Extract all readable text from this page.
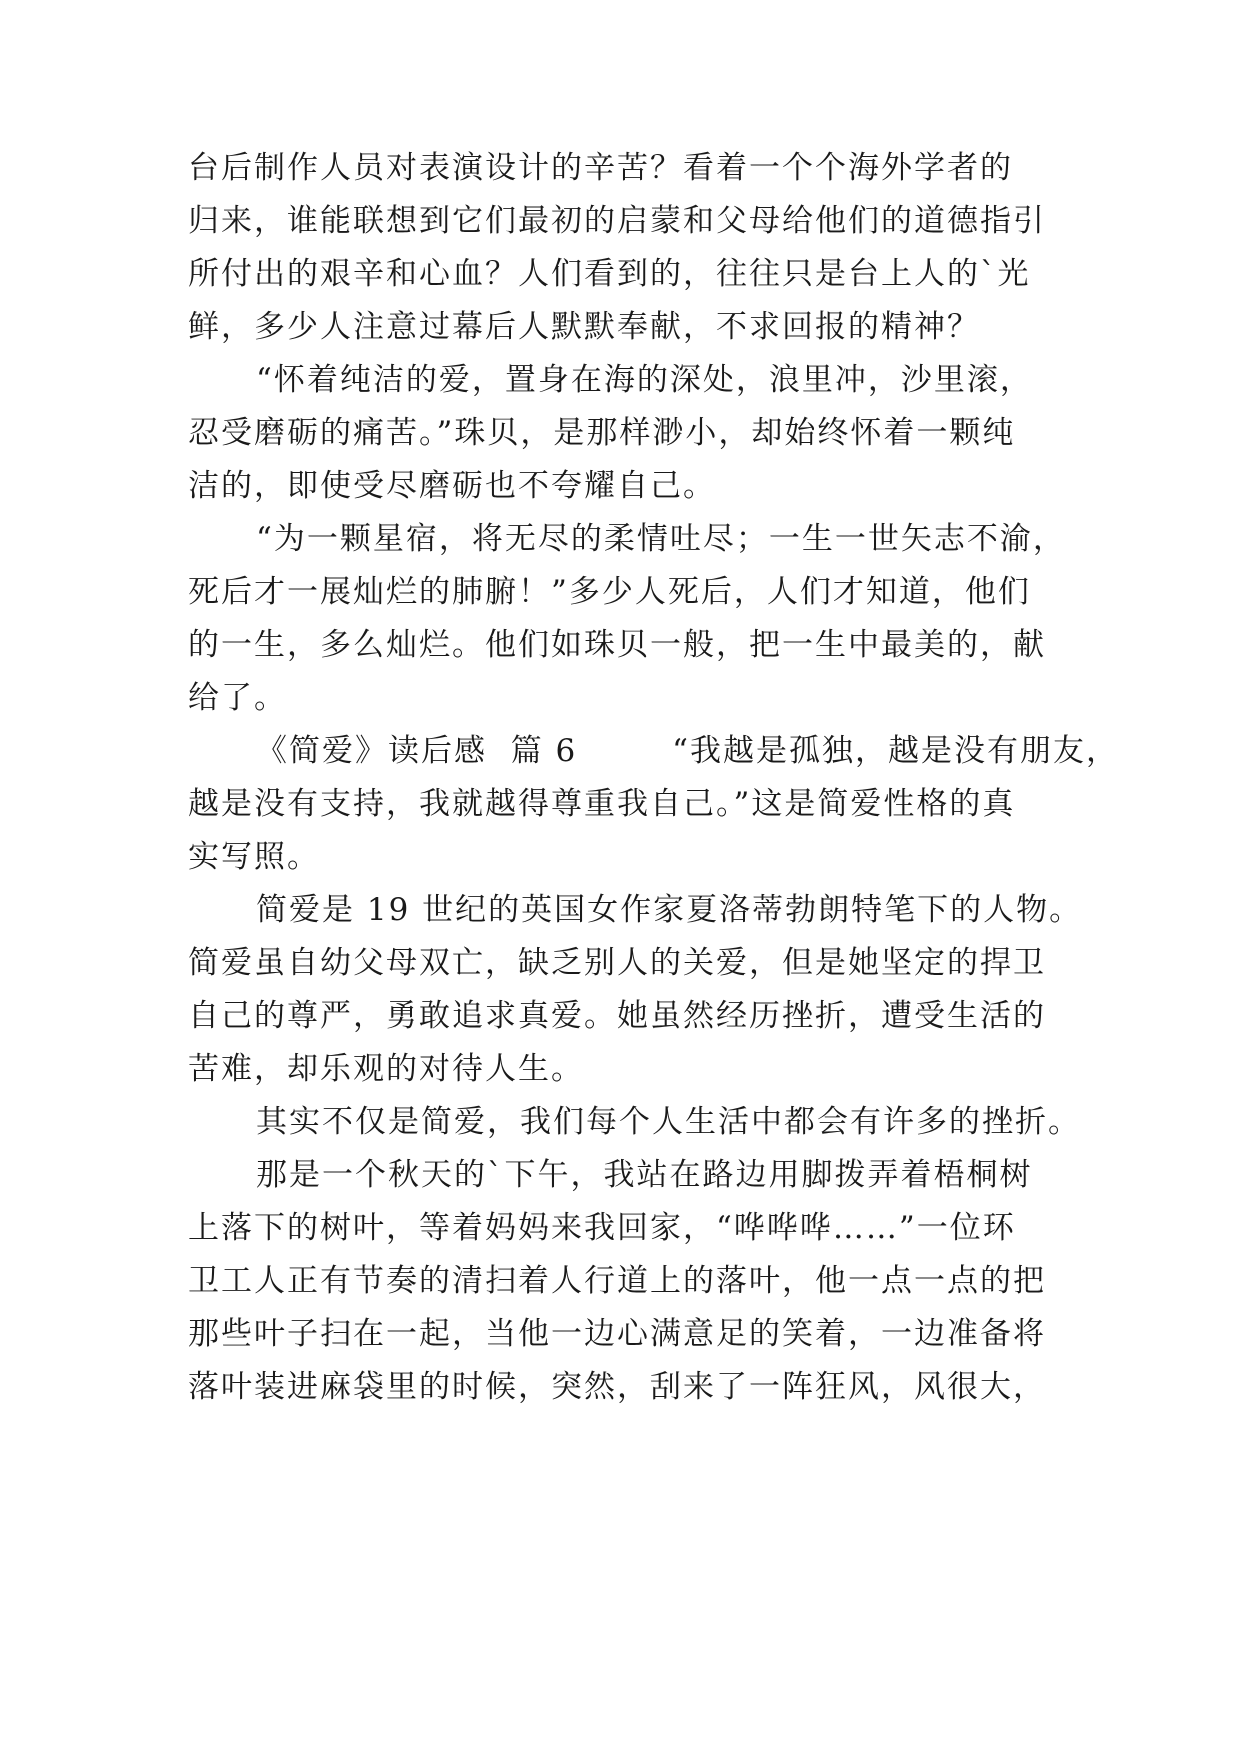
台后制作人员对表演设计的辛苦？看着一个个海外学者的
归来，谁能联想到它们最初的启蒙和父母给他们的道德指引
所付出的艰辛和心血？人们看到的，往往只是台上人的`光
鲜，多少人注意过幕后人默默奉献，不求回报的精神？
“怀着纯洁的爱，置身在海的深处，浪里冲，沙里滚，
忍受磨砺的痛苦。”珠贝，是那样渺小，却始终怀着一颗纯
洁的，即使受尽磨砺也不夸耀自己。
“为一颗星宿，将无尽的柔情吐尽；一生一世矢志不渝，
死后才一展灿烂的肺腑！”多少人死后，人们才知道，他们
的一生，多么灿烂。他们如珠贝一般，把一生中最美的，献
给了。
《简爱》读后感  篇 6        “我越是孤独，越是没有朋友，
越是没有支持，我就越得尊重我自己。”这是简爱性格的真
实写照。
简爱是 19 世纪的英国女作家夏洛蒂勃朗特笔下的人物。
简爱虽自幼父母双亡，缺乏别人的关爱，但是她坚定的捍卫
自己的尊严，勇敢追求真爱。她虽然经历挫折，遭受生活的
苦难，却乐观的对待人生。
其实不仅是简爱，我们每个人生活中都会有许多的挫折。
那是一个秋天的`下午，我站在路边用脚拨弄着梧桐树
上落下的树叶，等着妈妈来我回家，“哗哗哗……”一位环
卫工人正有节奏的清扫着人行道上的落叶，他一点一点的把
那些叶子扫在一起，当他一边心满意足的笑着，一边准备将
落叶装进麻袋里的时候，突然，刮来了一阵狂风，风很大，
